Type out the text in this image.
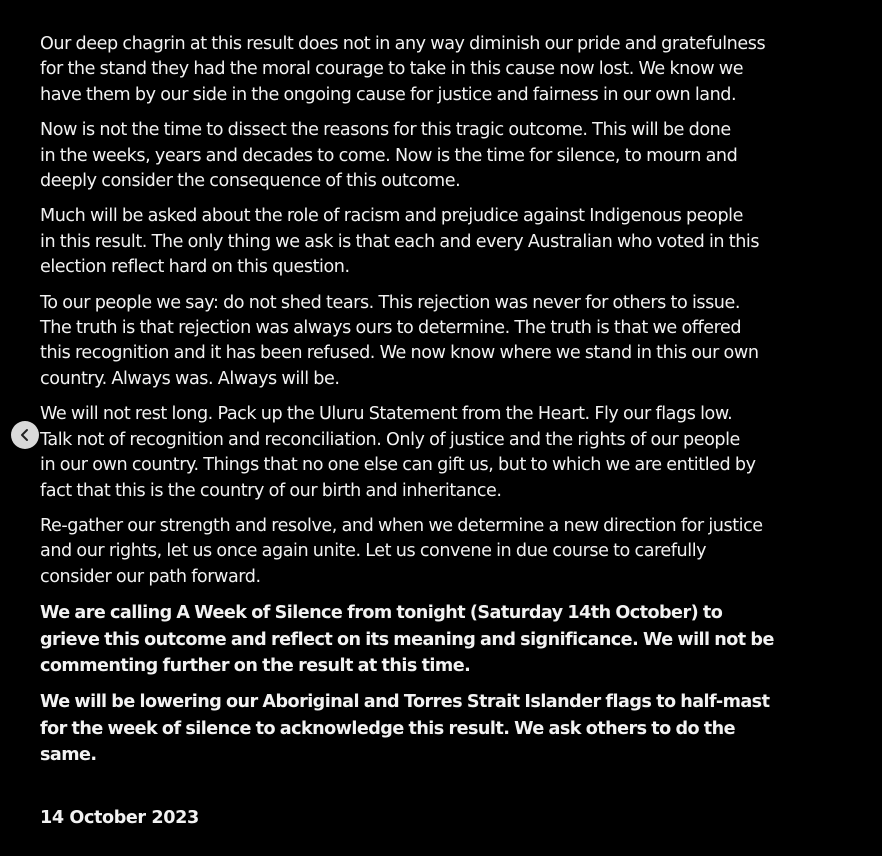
Our deep chagrin at this result does not in any way diminish our pride and gratefulness
for the stand they had the moral courage to take in this cause now lost. We know we
have them by our side in the ongoing cause for justice and fairness in our own land.

Now is not the time to dissect the reasons for this tragic outcome. This will be done
in the weeks, years and decades to come. Now is the time for silence, to mourn and
deeply consider the consequence of this outcome.

Much will be asked about the role of racism and prejudice against Indigenous people
in this result. The only thing we ask is that each and every Australian who voted in this
election reflect hard on this question.

To our people we say: do not shed tears. This rejection was never for others to issue.
The truth is that rejection was always ours to determine. The truth is that we offered
this recognition and it has been refused. We now know where we stand in this our own
country. Always was. Always will be.

We will not rest long. Pack up the Uluru Statement from the Heart. Fly our flags low.
Talk not of recognition and reconciliation. Only of justice and the rights of our people
in our own country. Things that no one else can gift us, but to which we are entitled by
fact that this is the country of our birth and inheritance.

Re-gather our strength and resolve, and when we determine a new direction for justice
and our rights, let us once again unite. Let us convene in due course to carefully
consider our path forward.

We are calling A Week of Silence from tonight (Saturday 14th October) to
grieve this outcome and reflect on its meaning and significance. We will not be
commenting further on the result at this time.

We will be lowering our Aboriginal and Torres Strait Islander flags to half-mast
for the week of silence to acknowledge this result. We ask others to do the
same.

14 October 2023
